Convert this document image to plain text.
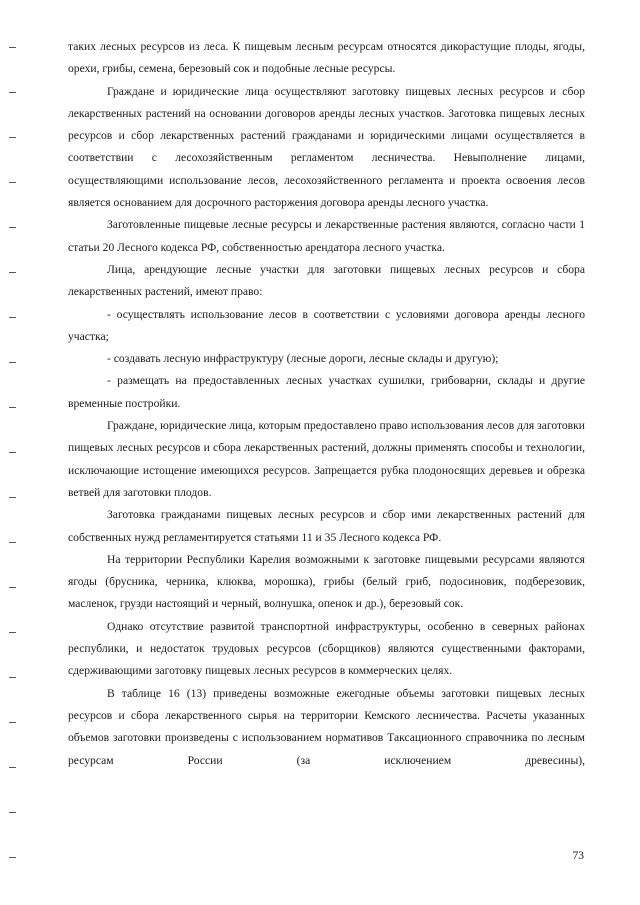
таких лесных ресурсов из леса. К пищевым лесным ресурсам относятся дикорастущие плоды, ягоды, орехи, грибы, семена, березовый сок и подобные лесные ресурсы.

Граждане и юридические лица осуществляют заготовку пищевых лесных ресурсов и сбор лекарственных растений на основании договоров аренды лесных участков. Заготовка пищевых лесных ресурсов и сбор лекарственных растений гражданами и юридическими лицами осуществляется в соответствии с лесохозяйственным регламентом лесничества. Невыполнение лицами, осуществляющими использование лесов, лесохозяйственного регламента и проекта освоения лесов является основанием для досрочного расторжения договора аренды лесного участка.

Заготовленные пищевые лесные ресурсы и лекарственные растения являются, согласно части 1 статьи 20 Лесного кодекса РФ, собственностью арендатора лесного участка.

Лица, арендующие лесные участки для заготовки пищевых лесных ресурсов и сбора лекарственных растений, имеют право:

- осуществлять использование лесов в соответствии с условиями договора аренды лесного участка;

- создавать лесную инфраструктуру (лесные дороги, лесные склады и другую);

- размещать на предоставленных лесных участках сушилки, грибоварни, склады и другие временные постройки.

Граждане, юридические лица, которым предоставлено право использования лесов для заготовки пищевых лесных ресурсов и сбора лекарственных растений, должны применять способы и технологии, исключающие истощение имеющихся ресурсов. Запрещается рубка плодоносящих деревьев и обрезка ветвей для заготовки плодов.

Заготовка гражданами пищевых лесных ресурсов и сбор ими лекарственных растений для собственных нужд регламентируется статьями 11 и 35 Лесного кодекса РФ.

На территории Республики Карелия возможными к заготовке пищевыми ресурсами являются ягоды (брусника, черника, клюква, морошка), грибы (белый гриб, подосиновик, подберезовик, масленок, грузди настоящий и черный, волнушка, опенок и др.), березовый сок.

Однако отсутствие развитой транспортной инфраструктуры, особенно в северных районах республики, и недостаток трудовых ресурсов (сборщиков) являются существенными факторами, сдерживающими заготовку пищевых лесных ресурсов в коммерческих целях.

В таблице 16 (13) приведены возможные ежегодные объемы заготовки пищевых лесных ресурсов и сбора лекарственного сырья на территории Кемского лесничества. Расчеты указанных объемов заготовки произведены с использованием нормативов Таксационного справочника по лесным ресурсам России (за исключением древесины),

73
